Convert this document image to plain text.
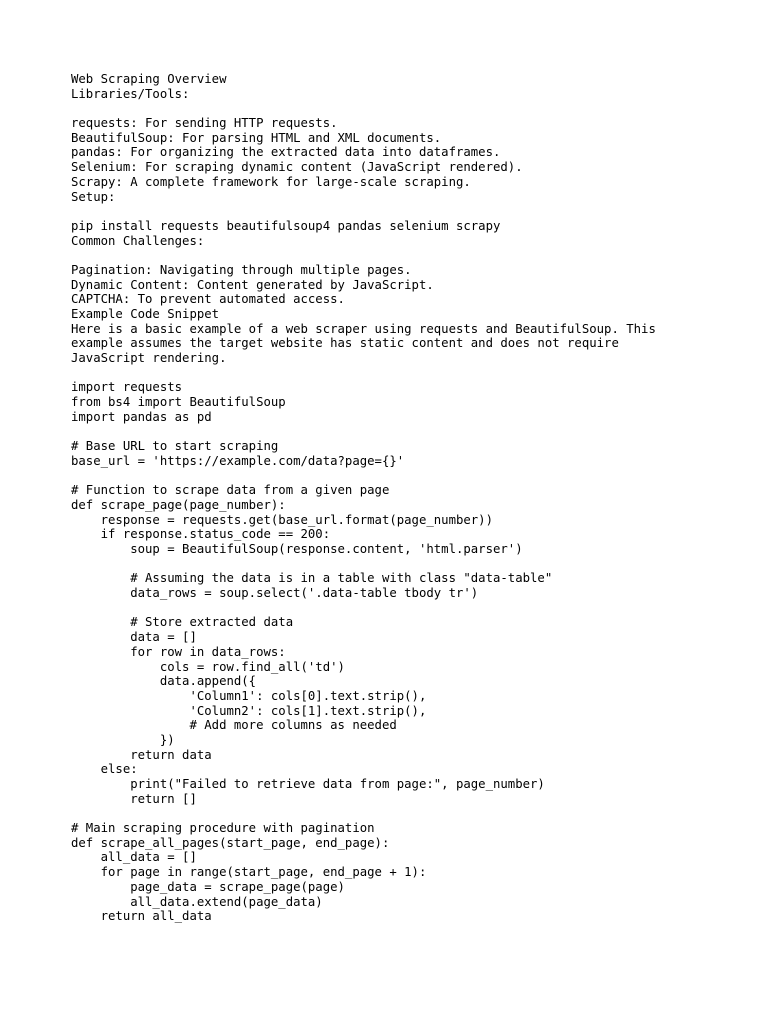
Web Scraping Overview
Libraries/Tools:
requests: For sending HTTP requests.
BeautifulSoup: For parsing HTML and XML documents.
pandas: For organizing the extracted data into dataframes.
Selenium: For scraping dynamic content (JavaScript rendered).
Scrapy: A complete framework for large-scale scraping.
Setup:
pip install requests beautifulsoup4 pandas selenium scrapy
Common Challenges:
Pagination: Navigating through multiple pages.
Dynamic Content: Content generated by JavaScript.
CAPTCHA: To prevent automated access.
Example Code Snippet
Here is a basic example of a web scraper using requests and BeautifulSoup. This
example assumes the target website has static content and does not require
JavaScript rendering.
import requests
from bs4 import BeautifulSoup
import pandas as pd
# Base URL to start scraping
base_url = 'https://example.com/data?page={}'
# Function to scrape data from a given page
def scrape_page(page_number):
response = requests.get(base_url.format(page_number))
if response.status_code == 200:
soup = BeautifulSoup(response.content, 'html.parser')
# Assuming the data is in a table with class "data-table"
data_rows = soup.select('.data-table tbody tr')
# Store extracted data
data = []
for row in data_rows:
cols = row.find_all('td')
data.append({
'Column1': cols[0].text.strip(),
'Column2': cols[1].text.strip(),
# Add more columns as needed
})
return data
else:
print("Failed to retrieve data from page:", page_number)
return []
# Main scraping procedure with pagination
def scrape_all_pages(start_page, end_page):
all_data = []
for page in range(start_page, end_page + 1):
page_data = scrape_page(page)
all_data.extend(page_data)
return all_data
